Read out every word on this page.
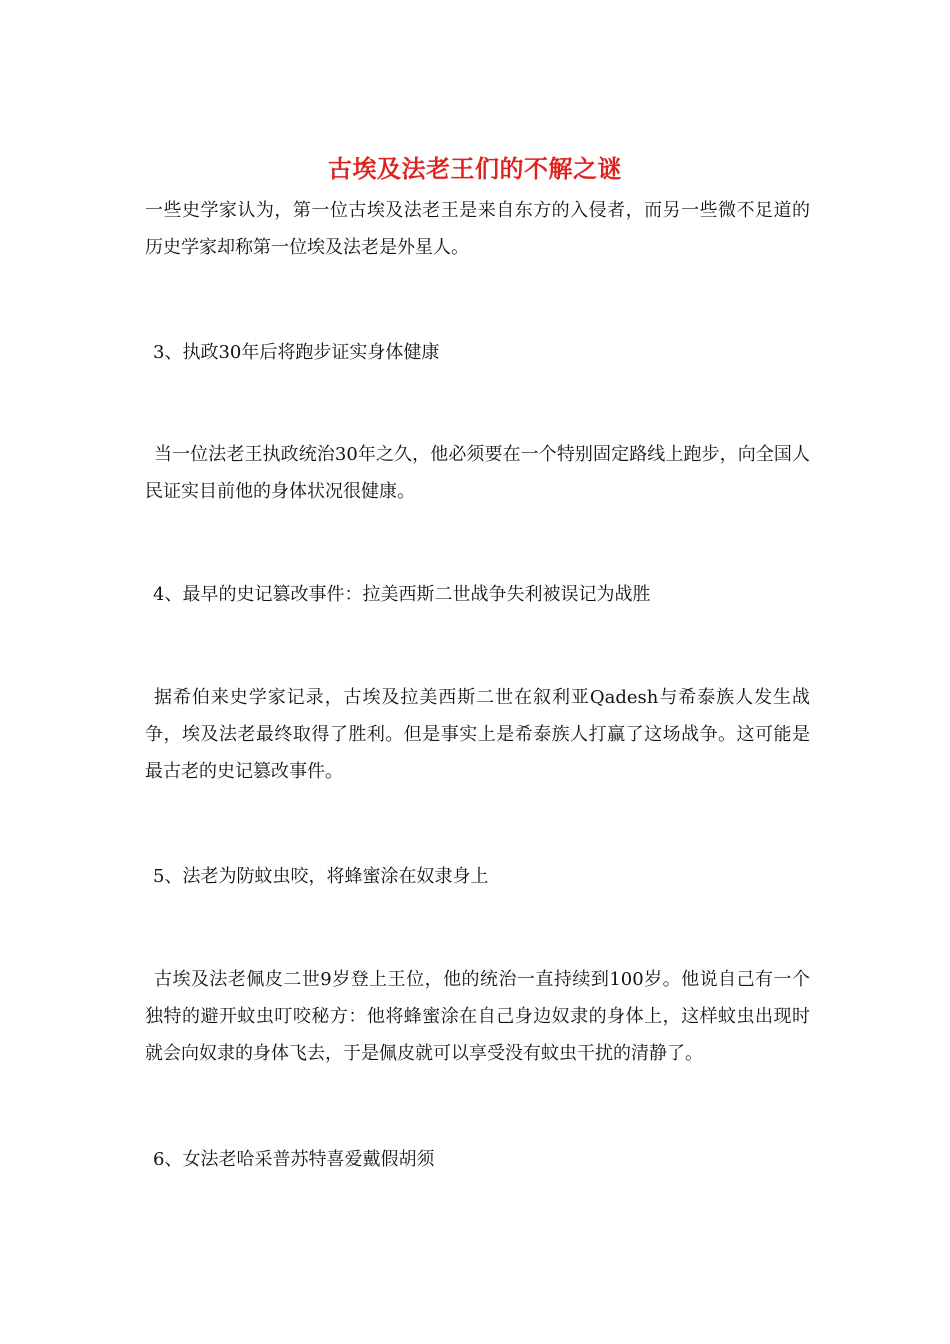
古埃及法老王们的不解之谜

一些史学家认为，第一位古埃及法老王是来自东方的入侵者，而另一些微不足道的历史学家却称第一位埃及法老是外星人。

3、执政30年后将跑步证实身体健康

当一位法老王执政统治30年之久，他必须要在一个特别固定路线上跑步，向全国人民证实目前他的身体状况很健康。

4、最早的史记篡改事件：拉美西斯二世战争失利被误记为战胜

据希伯来史学家记录，古埃及拉美西斯二世在叙利亚Qadesh与希泰族人发生战争，埃及法老最终取得了胜利。但是事实上是希泰族人打赢了这场战争。这可能是最古老的史记篡改事件。

5、法老为防蚊虫咬，将蜂蜜涂在奴隶身上

古埃及法老佩皮二世9岁登上王位，他的统治一直持续到100岁。他说自己有一个独特的避开蚊虫叮咬秘方：他将蜂蜜涂在自己身边奴隶的身体上，这样蚊虫出现时就会向奴隶的身体飞去，于是佩皮就可以享受没有蚊虫干扰的清静了。

6、女法老哈采普苏特喜爱戴假胡须
